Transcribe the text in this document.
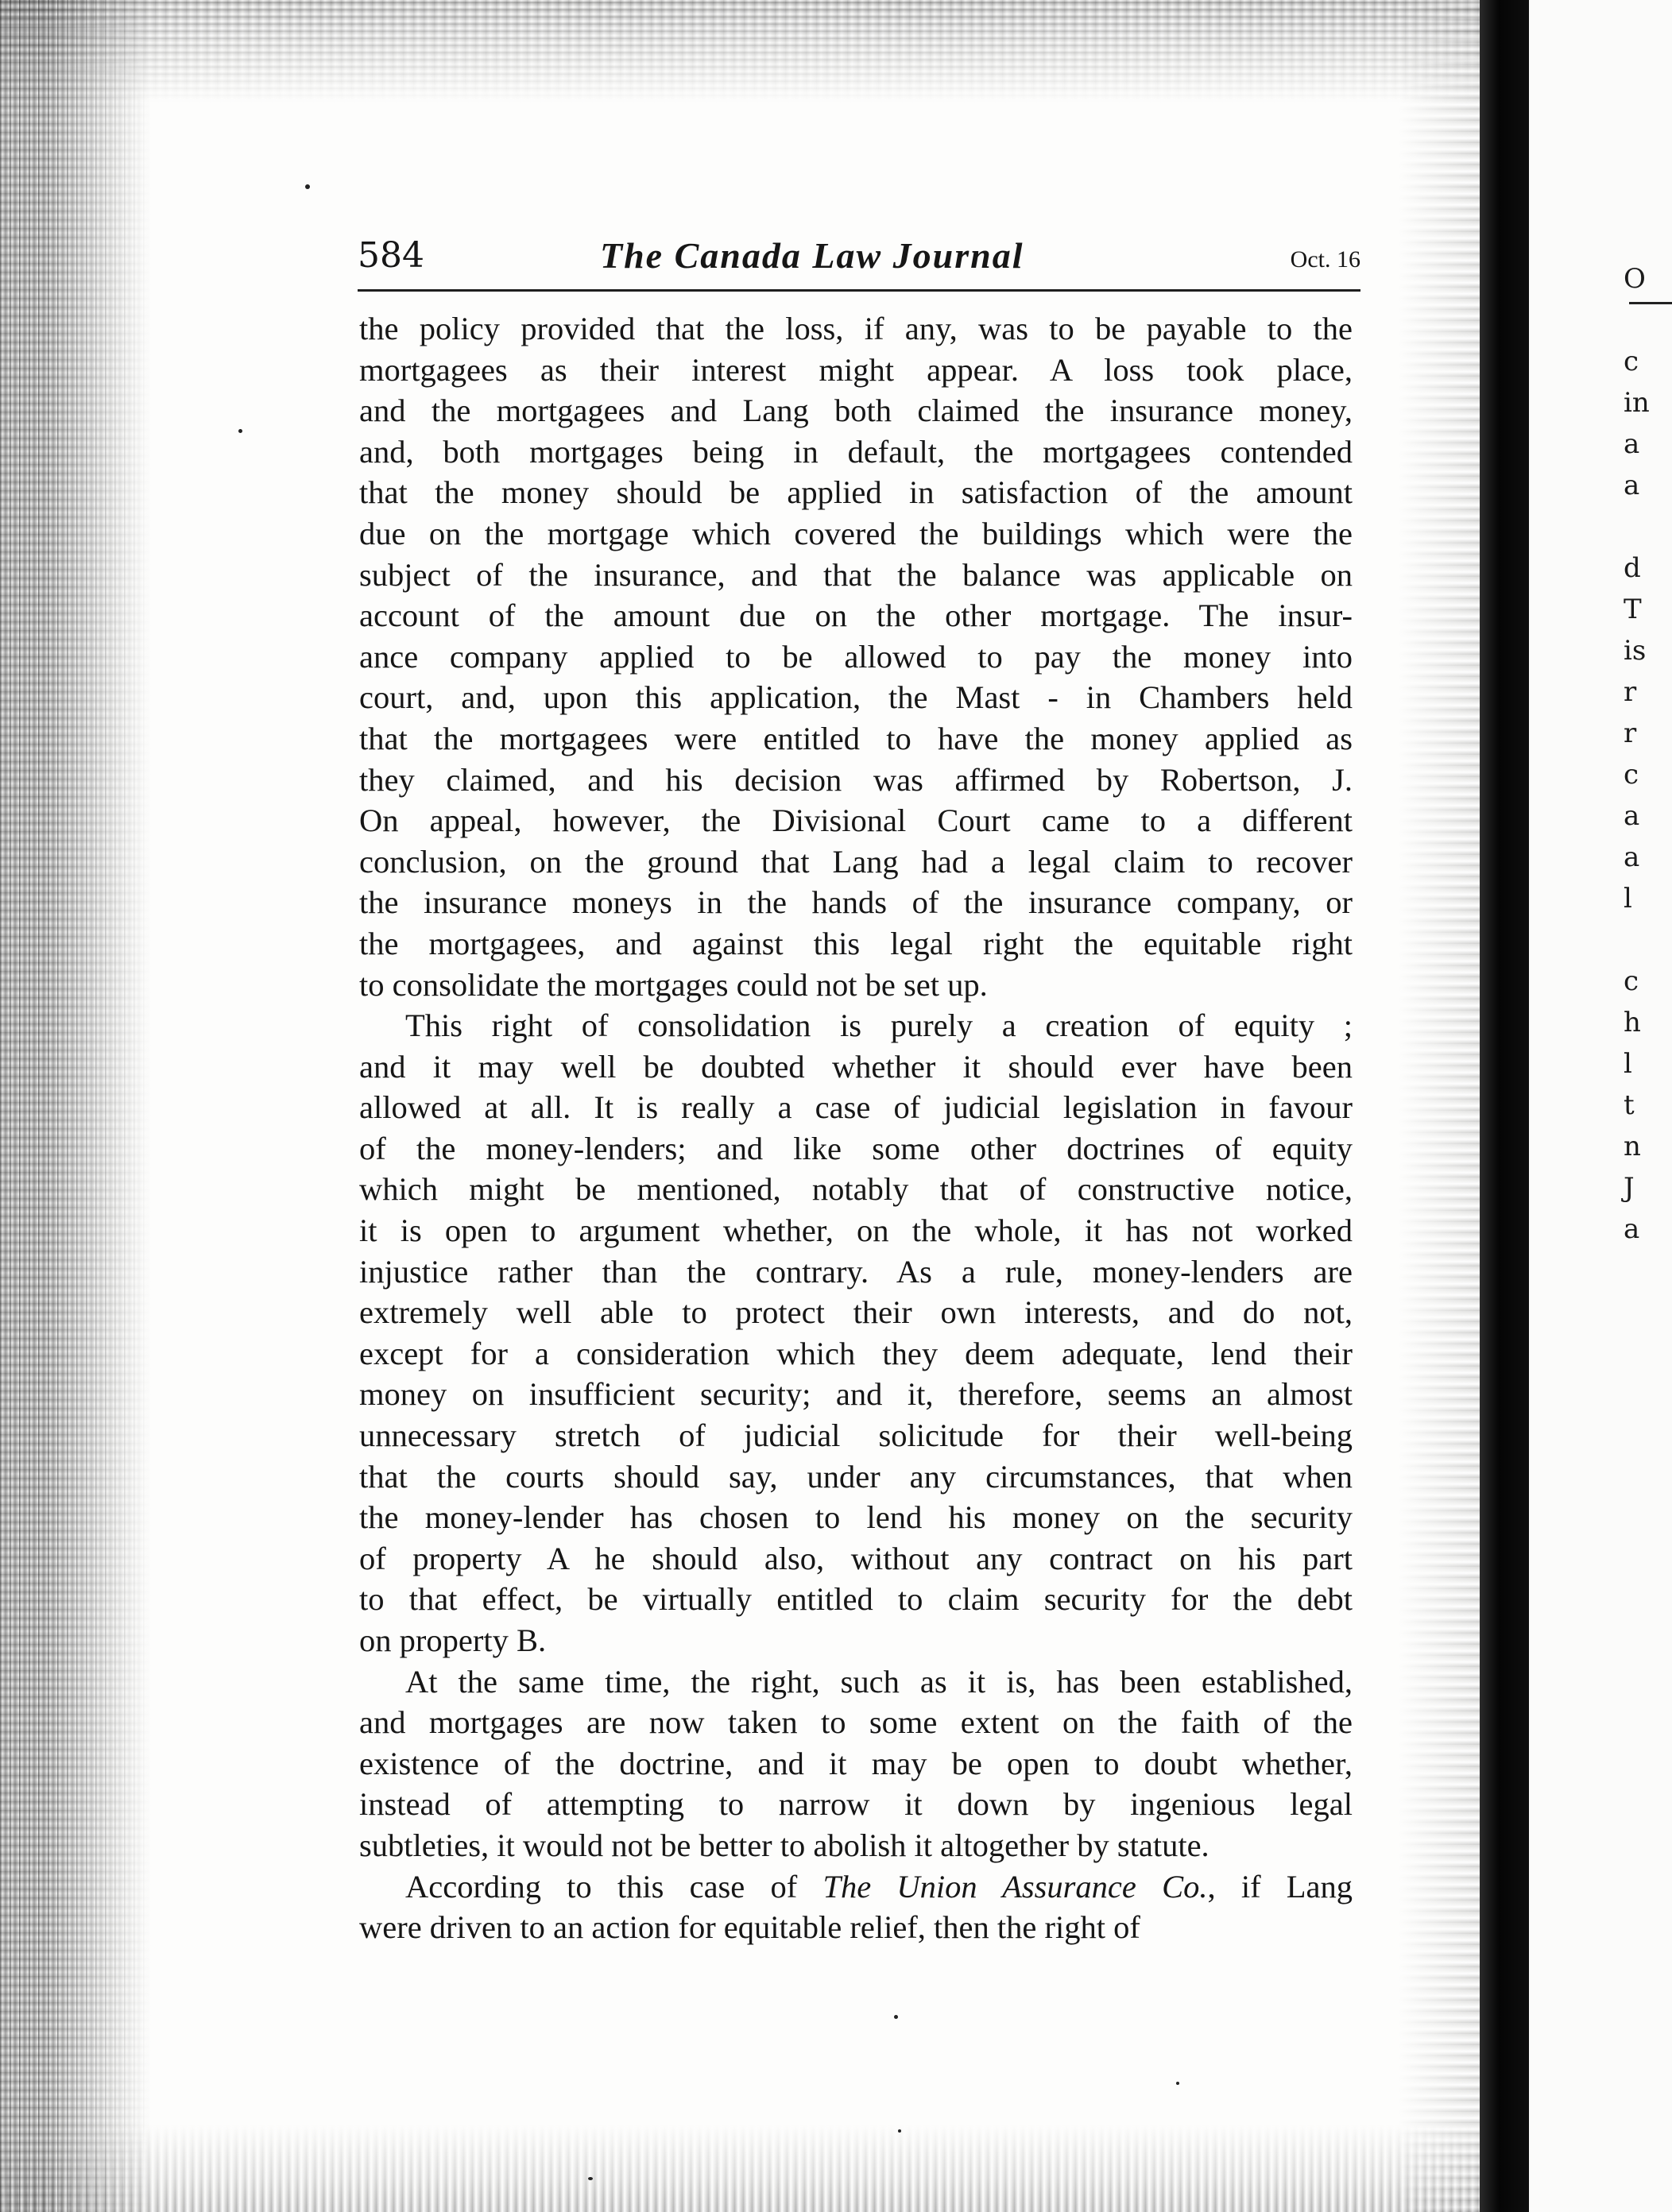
O

c
in
a
a

d
T
is
r
r
c
a
a
l

c
h
l
t
n
J
a
584	The Canada Law Journal	Oct. 16
the policy provided that the loss, if any, was to be payable to the
mortgagees as their interest might appear. A loss took place,
and the mortgagees and Lang both claimed the insurance money,
and, both mortgages being in default, the mortgagees contended
that the money should be applied in satisfaction of the amount
due on the mortgage which covered the buildings which were the
subject of the insurance, and that the balance was applicable on
account of the amount due on the other mortgage. The insur-
ance company applied to be allowed to pay the money into
court, and, upon this application, the Mast - in Chambers held
that the mortgagees were entitled to have the money applied as
they claimed, and his decision was affirmed by Robertson, J.
On appeal, however, the Divisional Court came to a different
conclusion, on the ground that Lang had a legal claim to recover
the insurance moneys in the hands of the insurance company, or
the mortgagees, and against this legal right the equitable right
to consolidate the mortgages could not be set up.
This right of consolidation is purely a creation of equity ;
and it may well be doubted whether it should ever have been
allowed at all. It is really a case of judicial legislation in favour
of the money-lenders; and like some other doctrines of equity
which might be mentioned, notably that of constructive notice,
it is open to argument whether, on the whole, it has not worked
injustice rather than the contrary. As a rule, money-lenders are
extremely well able to protect their own interests, and do not,
except for a consideration which they deem adequate, lend their
money on insufficient security; and it, therefore, seems an almost
unnecessary stretch of judicial solicitude for their well-being
that the courts should say, under any circumstances, that when
the money-lender has chosen to lend his money on the security
of property A he should also, without any contract on his part
to that effect, be virtually entitled to claim security for the debt
on property B.
At the same time, the right, such as it is, has been established,
and mortgages are now taken to some extent on the faith of the
existence of the doctrine, and it may be open to doubt whether,
instead of attempting to narrow it down by ingenious legal
subtleties, it would not be better to abolish it altogether by statute.
According to this case of The Union Assurance Co., if Lang
were driven to an action for equitable relief, then the right of
